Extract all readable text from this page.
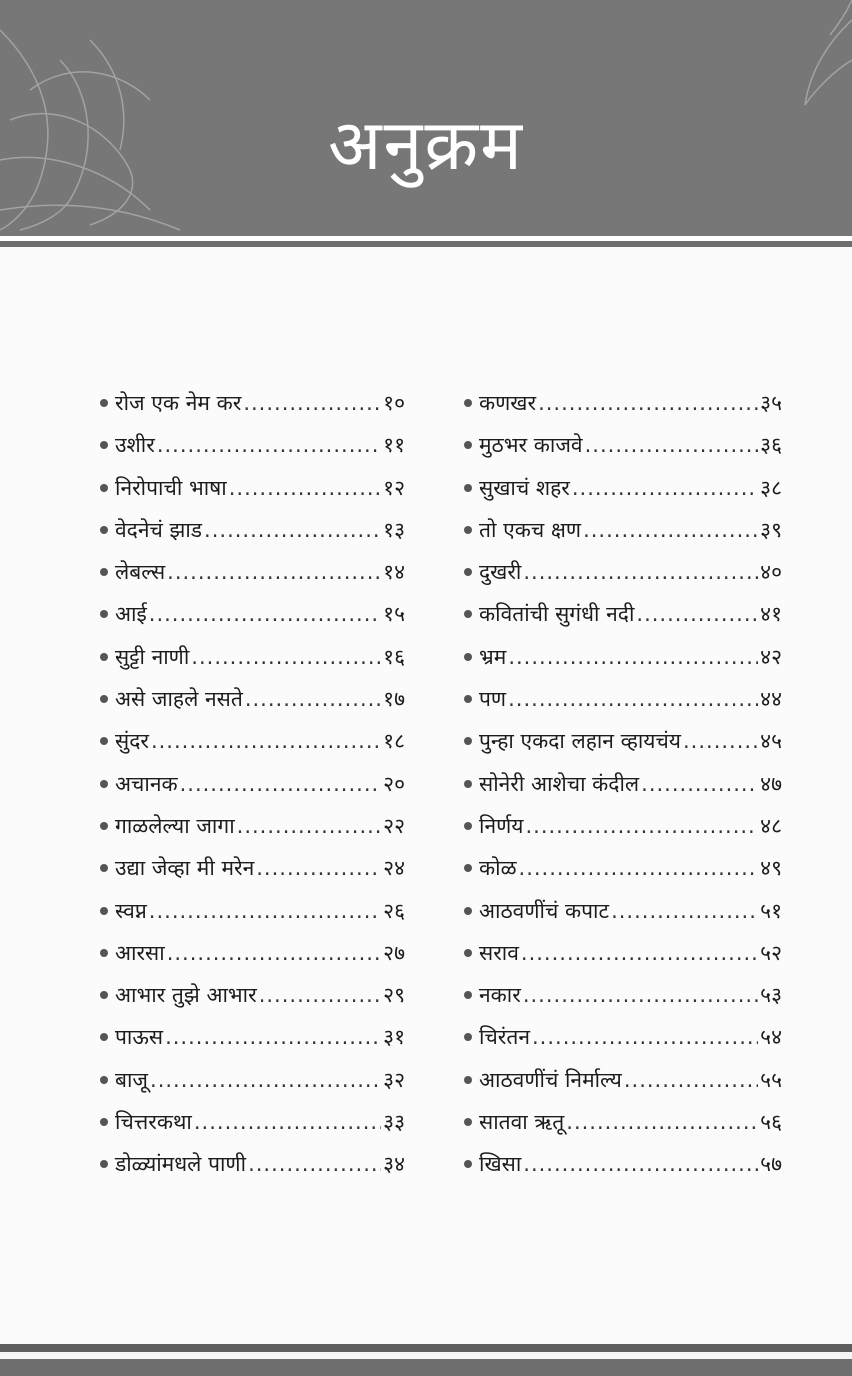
अनुक्रम
रोज एक नेम कर .....	१०
उशीर .....	११
निरोपाची भाषा .....	१२
वेदनेचं झाड .....	१३
लेबल्स .....	१४
आई .....	१५
सुट्टी नाणी .....	१६
असे जाहले नसते .....	१७
सुंदर .....	१८
अचानक .....	२०
गाळलेल्या जागा .....	२२
उद्या जेव्हा मी मरेन .....	२४
स्वप्न .....	२६
आरसा .....	२७
आभार तुझे आभार .....	२९
पाऊस .....	३१
बाजू .....	३२
चित्तरकथा .....	३३
डोळ्यांमधले पाणी .....	३४
कणखर .....	३५
मुठभर काजवे .....	३६
सुखाचं शहर .....	३८
तो एकच क्षण .....	३९
दुखरी .....	४०
कवितांची सुगंधी नदी .....	४१
भ्रम .....	४२
पण .....	४४
पुन्हा एकदा लहान व्हायचंय .....	४५
सोनेरी आशेचा कंदील .....	४७
निर्णय .....	४८
कोळ .....	४९
आठवणींचं कपाट .....	५१
सराव .....	५२
नकार .....	५३
चिरंतन .....	५४
आठवणींचं निर्माल्य .....	५५
सातवा ऋतू .....	५६
खिसा .....	५७
